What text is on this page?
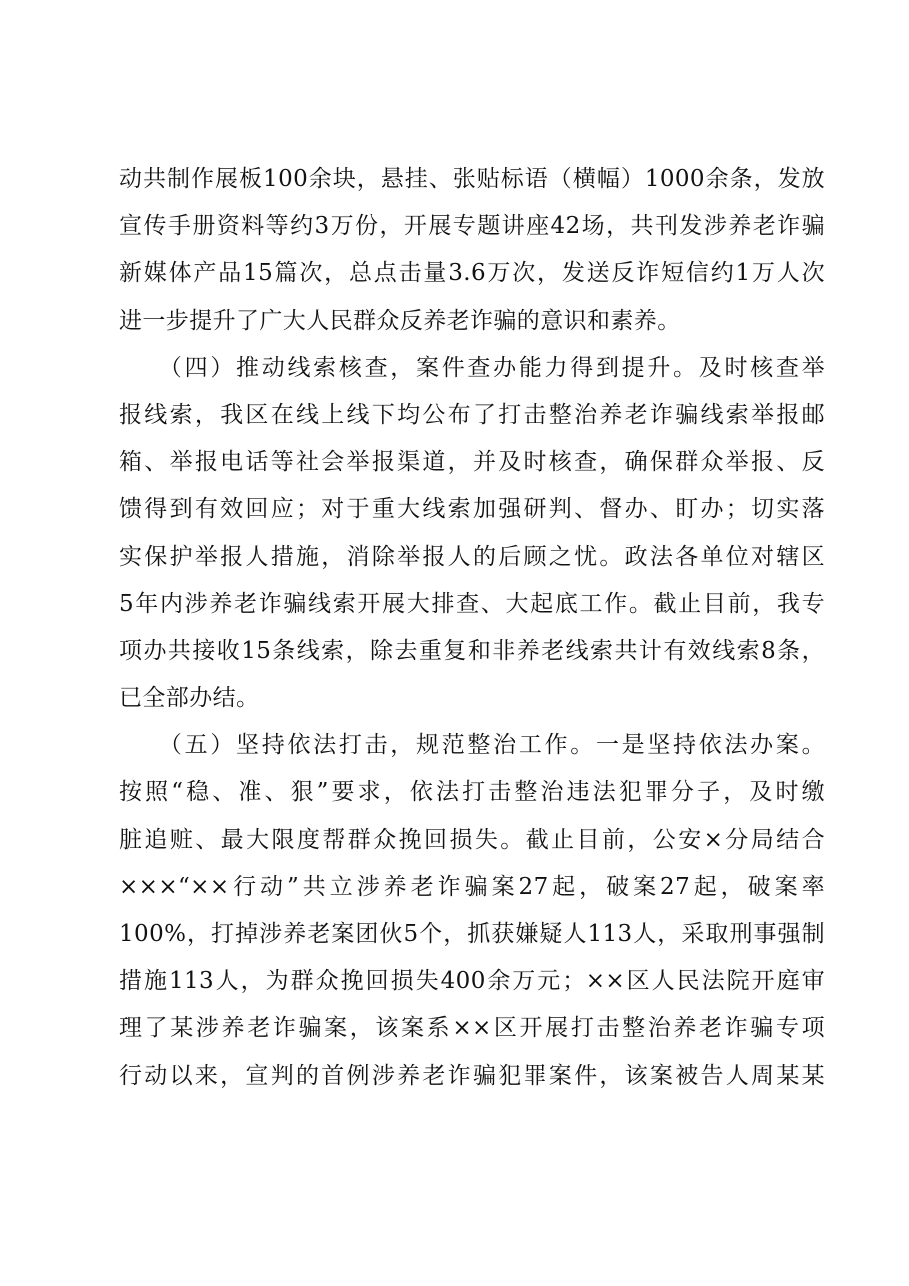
动共制作展板100余块，悬挂、张贴标语（横幅）1000余条，发放
宣传手册资料等约3万份，开展专题讲座42场，共刊发涉养老诈骗
新媒体产品15篇次，总点击量3.6万次，发送反诈短信约1万人次
进一步提升了广大人民群众反养老诈骗的意识和素养。
　　（四）推动线索核查，案件查办能力得到提升。及时核查举
报线索，我区在线上线下均公布了打击整治养老诈骗线索举报邮
箱、举报电话等社会举报渠道，并及时核查，确保群众举报、反
馈得到有效回应；对于重大线索加强研判、督办、盯办；切实落
实保护举报人措施，消除举报人的后顾之忧。政法各单位对辖区
5年内涉养老诈骗线索开展大排查、大起底工作。截止目前，我专
项办共接收15条线索，除去重复和非养老线索共计有效线索8条，
已全部办结。
　　（五）坚持依法打击，规范整治工作。一是坚持依法办案。
按照“稳、准、狠”要求，依法打击整治违法犯罪分子，及时缴
脏追赃、最大限度帮群众挽回损失。截止目前，公安×分局结合
×××“××行动”共立涉养老诈骗案27起，破案27起，破案率
100%，打掉涉养老案团伙5个，抓获嫌疑人113人，采取刑事强制
措施113人，为群众挽回损失400余万元；××区人民法院开庭审
理了某涉养老诈骗案，该案系××区开展打击整治养老诈骗专项
行动以来，宣判的首例涉养老诈骗犯罪案件，该案被告人周某某
